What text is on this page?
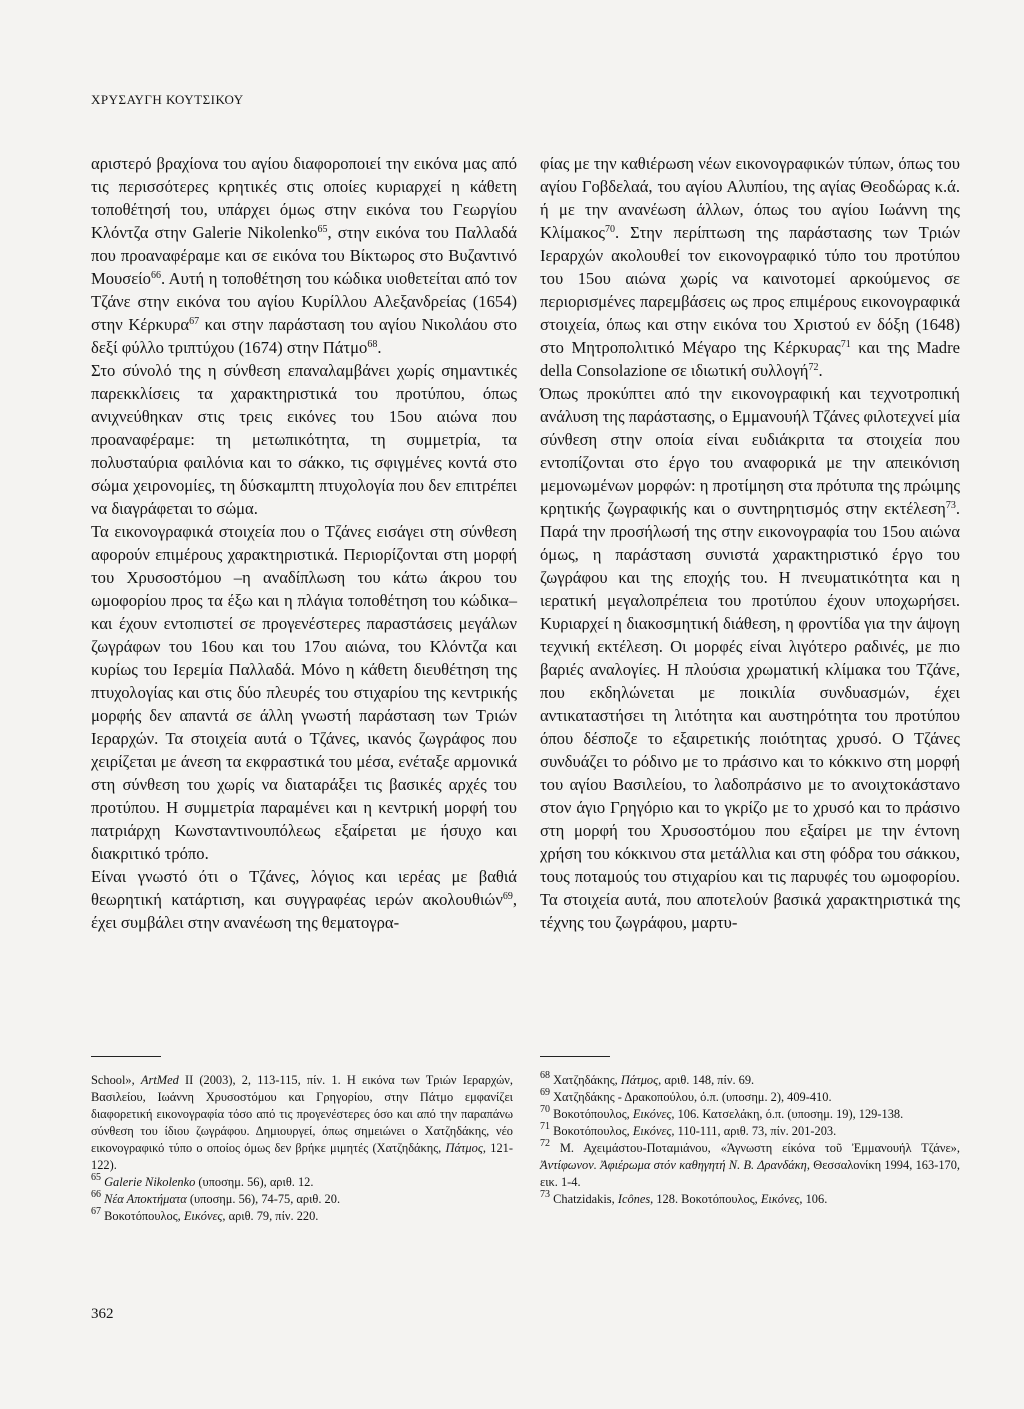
ΧΡΥΣΑΥΓΗ ΚΟΥΤΣΙΚΟΥ

αριστερό βραχίονα του αγίου διαφοροποιεί την εικόνα μας από τις περισσότερες κρητικές στις οποίες κυριαρχεί η κάθετη τοποθέτησή του, υπάρχει όμως στην εικόνα του Γεωργίου Κλόντζα στην Galerie Nikolenko$^{65}$, στην εικόνα του Παλλαδά που προαναφέραμε και σε εικόνα του Βίκτωρος στο Βυζαντινό Μουσείο$^{66}$. Αυτή η τοποθέτηση του κώδικα υιοθετείται από τον Τζάνε στην εικόνα του αγίου Κυρίλλου Αλεξανδρείας (1654) στην Κέρκυρα$^{67}$ και στην παράσταση του αγίου Νικολάου στο δεξί φύλλο τριπτύχου (1674) στην Πάτμο$^{68}$.

Στο σύνολό της η σύνθεση επαναλαμβάνει χωρίς σημαντικές παρεκκλίσεις τα χαρακτηριστικά του προτύπου, όπως ανιχνεύθηκαν στις τρεις εικόνες του 15ου αιώνα που προαναφέραμε: τη μετωπικότητα, τη συμμετρία, τα πολυσταύρια φαιλόνια και το σάκκο, τις σφιγμένες κοντά στο σώμα χειρονομίες, τη δύσκαμπτη πτυχολογία που δεν επιτρέπει να διαγράφεται το σώμα.

Τα εικονογραφικά στοιχεία που ο Τζάνες εισάγει στη σύνθεση αφορούν επιμέρους χαρακτηριστικά. Περιορίζονται στη μορφή του Χρυσοστόμου –η αναδίπλωση του κάτω άκρου του ωμοφορίου προς τα έξω και η πλάγια τοποθέτηση του κώδικα– και έχουν εντοπιστεί σε προγενέστερες παραστάσεις μεγάλων ζωγράφων του 16ου και του 17ου αιώνα, του Κλόντζα και κυρίως του Ιερεμία Παλλαδά. Μόνο η κάθετη διευθέτηση της πτυχολογίας και στις δύο πλευρές του στιχαρίου της κεντρικής μορφής δεν απαντά σε άλλη γνωστή παράσταση των Τριών Ιεραρχών. Τα στοιχεία αυτά ο Τζάνες, ικανός ζωγράφος που χειρίζεται με άνεση τα εκφραστικά του μέσα, ενέταξε αρμονικά στη σύνθεση του χωρίς να διαταράξει τις βασικές αρχές του προτύπου. Η συμμετρία παραμένει και η κεντρική μορφή του πατριάρχη Κωνσταντινουπόλεως εξαίρεται με ήσυχο και διακριτικό τρόπο.

Είναι γνωστό ότι ο Τζάνες, λόγιος και ιερέας με βαθιά θεωρητική κατάρτιση, και συγγραφέας ιερών ακολουθιών$^{69}$, έχει συμβάλει στην ανανέωση της θεματογρα-

φίας με την καθιέρωση νέων εικονογραφικών τύπων, όπως του αγίου Γοβδελαά, του αγίου Αλυπίου, της αγίας Θεοδώρας κ.ά. ή με την ανανέωση άλλων, όπως του αγίου Ιωάννη της Κλίμακος$^{70}$. Στην περίπτωση της παράστασης των Τριών Ιεραρχών ακολουθεί τον εικονογραφικό τύπο του προτύπου του 15ου αιώνα χωρίς να καινοτομεί αρκούμενος σε περιορισμένες παρεμβάσεις ως προς επιμέρους εικονογραφικά στοιχεία, όπως και στην εικόνα του Χριστού εν δόξη (1648) στο Μητροπολιτικό Μέγαρο της Κέρκυρας$^{71}$ και της Madre della Consolazione σε ιδιωτική συλλογή$^{72}$.

Όπως προκύπτει από την εικονογραφική και τεχνοτροπική ανάλυση της παράστασης, ο Εμμανουήλ Τζάνες φιλοτεχνεί μία σύνθεση στην οποία είναι ευδιάκριτα τα στοιχεία που εντοπίζονται στο έργο του αναφορικά με την απεικόνιση μεμονωμένων μορφών: η προτίμηση στα πρότυπα της πρώιμης κρητικής ζωγραφικής και ο συντηρητισμός στην εκτέλεση$^{73}$. Παρά την προσήλωσή της στην εικονογραφία του 15ου αιώνα όμως, η παράσταση συνιστά χαρακτηριστικό έργο του ζωγράφου και της εποχής του. Η πνευματικότητα και η ιερατική μεγαλοπρέπεια του προτύπου έχουν υποχωρήσει. Κυριαρχεί η διακοσμητική διάθεση, η φροντίδα για την άψογη τεχνική εκτέλεση. Οι μορφές είναι λιγότερο ραδινές, με πιο βαριές αναλογίες. Η πλούσια χρωματική κλίμακα του Τζάνε, που εκδηλώνεται με ποικιλία συνδυασμών, έχει αντικαταστήσει τη λιτότητα και αυστηρότητα του προτύπου όπου δέσποζε το εξαιρετικής ποιότητας χρυσό. Ο Τζάνες συνδυάζει το ρόδινο με το πράσινο και το κόκκινο στη μορφή του αγίου Βασιλείου, το λαδοπράσινο με το ανοιχτοκάστανο στον άγιο Γρηγόριο και το γκρίζο με το χρυσό και το πράσινο στη μορφή του Χρυσοστόμου που εξαίρει με την έντονη χρήση του κόκκινου στα μετάλλια και στη φόδρα του σάκκου, τους ποταμούς του στιχαρίου και τις παρυφές του ωμοφορίου. Τα στοιχεία αυτά, που αποτελούν βασικά χαρακτηριστικά της τέχνης του ζωγράφου, μαρτυ-

School», ArtMed II (2003), 2, 113-115, πίν. 1. Η εικόνα των Τριών Ιεραρχών, Βασιλείου, Ιωάννη Χρυσοστόμου και Γρηγορίου, στην Πάτμο εμφανίζει διαφορετική εικονογραφία τόσο από τις προγενέστερες όσο και από την παραπάνω σύνθεση του ίδιου ζωγράφου. Δημιουργεί, όπως σημειώνει ο Χατζηδάκης, νέο εικονογραφικό τύπο ο οποίος όμως δεν βρήκε μιμητές (Χατζηδάκης, Πάτμος, 121-122).

$^{65}$ Galerie Nikolenko (υποσημ. 56), αριθ. 12.

$^{66}$ Νέα Αποκτήματα (υποσημ. 56), 74-75, αριθ. 20.

$^{67}$ Βοκοτόπουλος, Εικόνες, αριθ. 79, πίν. 220.

$^{68}$ Χατζηδάκης, Πάτμος, αριθ. 148, πίν. 69.

$^{69}$ Χατζηδάκης - Δρακοπούλου, ό.π. (υποσημ. 2), 409-410.

$^{70}$ Βοκοτόπουλος, Εικόνες, 106. Κατσελάκη, ό.π. (υποσημ. 19), 129-138.

$^{71}$ Βοκοτόπουλος, Εικόνες, 110-111, αριθ. 73, πίν. 201-203.

$^{72}$ Μ. Αχειμάστου-Ποταμιάνου, «Άγνωστη είκόνα τοῦ Ἐμμανουήλ Τζάνε», Ἀντίφωνον. Ἀφιέρωμα στόν καθηγητή Ν. Β. Δρανδάκη, Θεσσαλονίκη 1994, 163-170, εικ. 1-4.

$^{73}$ Chatzidakis, Icônes, 128. Βοκοτόπουλος, Εικόνες, 106.

362
